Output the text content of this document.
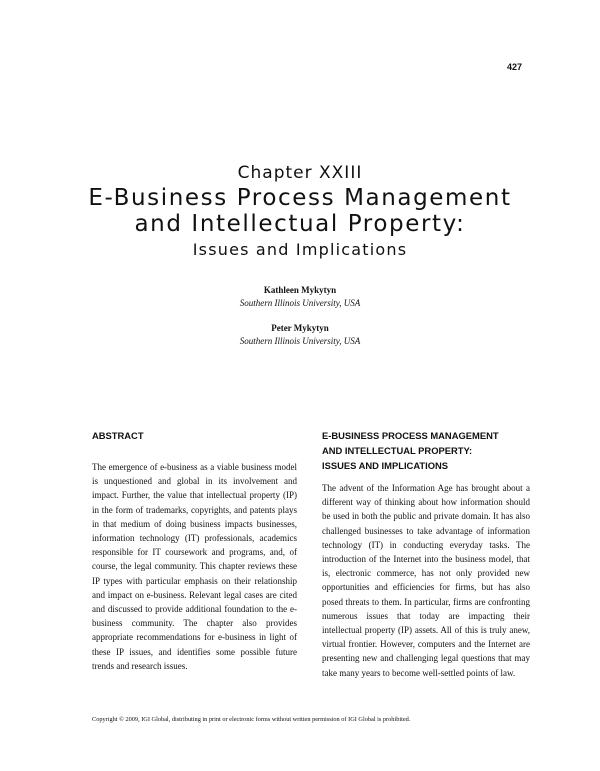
427
Chapter XXIII
E-Business Process Management
and Intellectual Property:
Issues and Implications
Kathleen Mykytyn
Southern Illinois University, USA
Peter Mykytyn
Southern Illinois University, USA
ABSTRACT

The emergence of e-business as a viable business model is unquestioned and global in its involvement and impact. Further, the value that intellectual property (IP) in the form of trademarks, copyrights, and patents plays in that medium of doing business impacts businesses, information technology (IT) professionals, academics responsible for IT coursework and programs, and, of course, the legal community. This chapter reviews these IP types with particular emphasis on their relationship and impact on e-business. Relevant legal cases are cited and discussed to provide additional foundation to the e-business community. The chapter also provides appropriate recommendations for e-business in light of these IP issues, and identifies some possible future trends and research issues.

E-BUSINESS PROCESS MANAGEMENT
AND INTELLECTUAL PROPERTY:
ISSUES AND IMPLICATIONS

The advent of the Information Age has brought about a different way of thinking about how information should be used in both the public and private domain. It has also challenged businesses to take advantage of information technology (IT) in conducting everyday tasks. The introduction of the Internet into the business model, that is, electronic commerce, has not only provided new opportunities and efficiencies for firms, but has also posed threats to them. In particular, firms are confronting numerous issues that today are impacting their intellectual property (IP) assets. All of this is truly anew, virtual frontier. However, computers and the Internet are presenting new and challenging legal questions that may take many years to become well-settled points of law.

Copyright © 2009, IGI Global, distributing in print or electronic forms without written permission of IGI Global is prohibited.
